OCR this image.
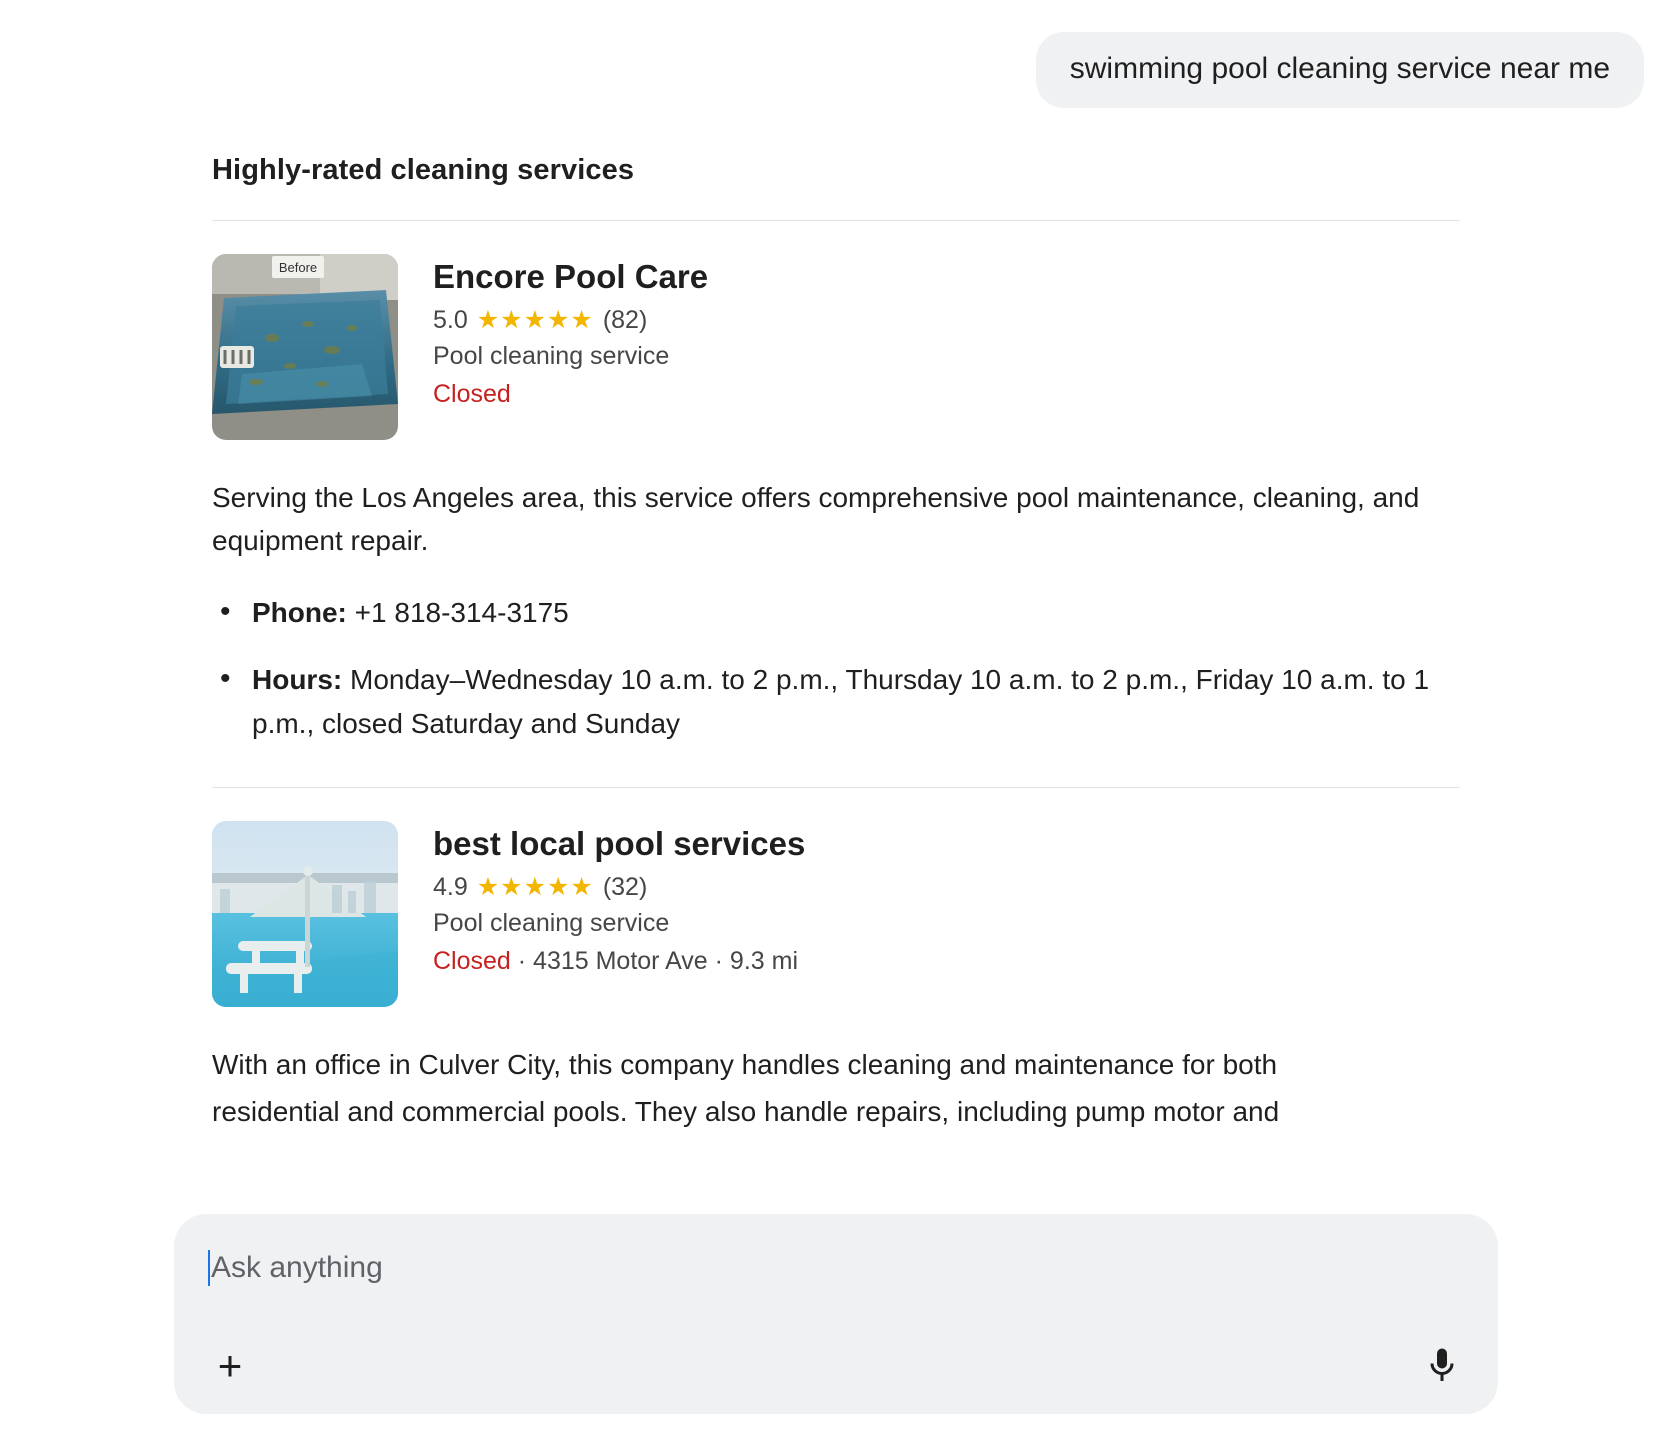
swimming pool cleaning service near me
Highly-rated cleaning services
Before	Encore Pool Care
5.0 ★★★★★ (82)
Pool cleaning service
Closed
Serving the Los Angeles area, this service offers comprehensive pool maintenance, cleaning, and equipment repair.
• Phone: +1 818-314-3175
• Hours: Monday–Wednesday 10 a.m. to 2 p.m., Thursday 10 a.m. to 2 p.m., Friday 10 a.m. to 1 p.m., closed Saturday and Sunday
best local pool services
4.9 ★★★★★ (32)
Pool cleaning service
Closed · 4315 Motor Ave · 9.3 mi
With an office in Culver City, this company handles cleaning and maintenance for both
residential and commercial pools. They also handle repairs, including pump motor and
Ask anything
+
